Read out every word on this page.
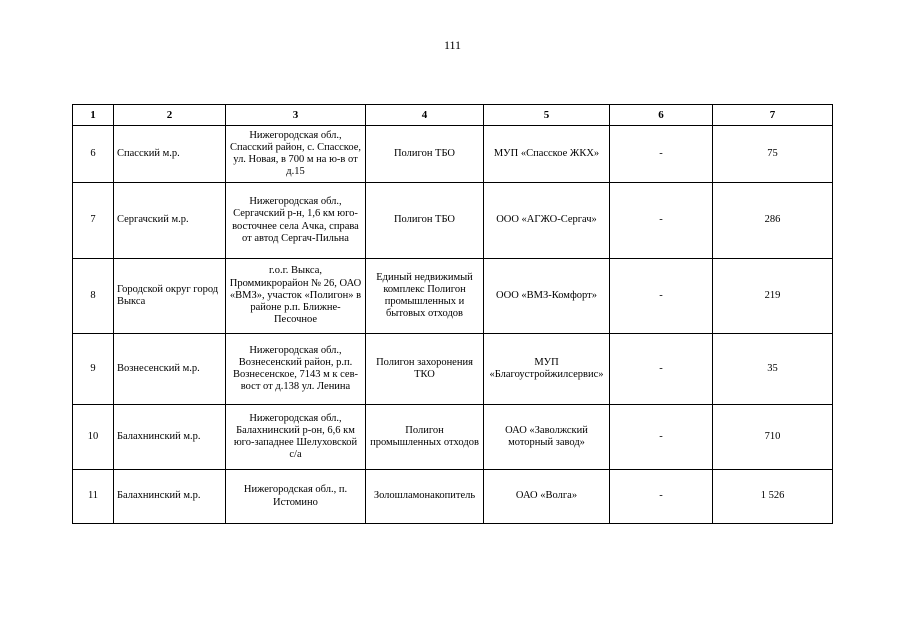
111
1	2	3	4	5	6	7
6	Спасский м.р.	Нижегородская обл., Спасский район, с. Спасское, ул. Новая, в 700 м на ю-в от д.15	Полигон ТБО	МУП «Спасское ЖКХ»	-	75
7	Сергачский м.р.	Нижегородская обл., Сергачский р-н, 1,6 км юго-восточнее села Ачка, справа от автод Сергач-Пильна	Полигон ТБО	ООО «АГЖО-Сергач»	-	286
8	Городской округ город Выкса	г.о.г. Выкса, Проммикрорайон № 26, ОАО «ВМЗ», участок «Полигон» в районе р.п. Ближне-Песочное	Единый недвижимый комплекс Полигон промышленных и бытовых отходов	ООО «ВМЗ-Комфорт»	-	219
9	Вознесенский м.р.	Нижегородская обл., Вознесенский район, р.п. Вознесенское, 7143 м к сев-вост от д.138 ул. Ленина	Полигон захоронения ТКО	МУП «Благоустройжилсервис»	-	35
10	Балахнинский м.р.	Нижегородская обл., Балахнинский р-он, 6,6 км юго-западнее Шелуховской с/а	Полигон промышленных отходов	ОАО «Заволжский моторный завод»	-	710
11	Балахнинский м.р.	Нижегородская обл., п. Истомино	Золошламонакопитель	ОАО «Волга»	-	1 526
